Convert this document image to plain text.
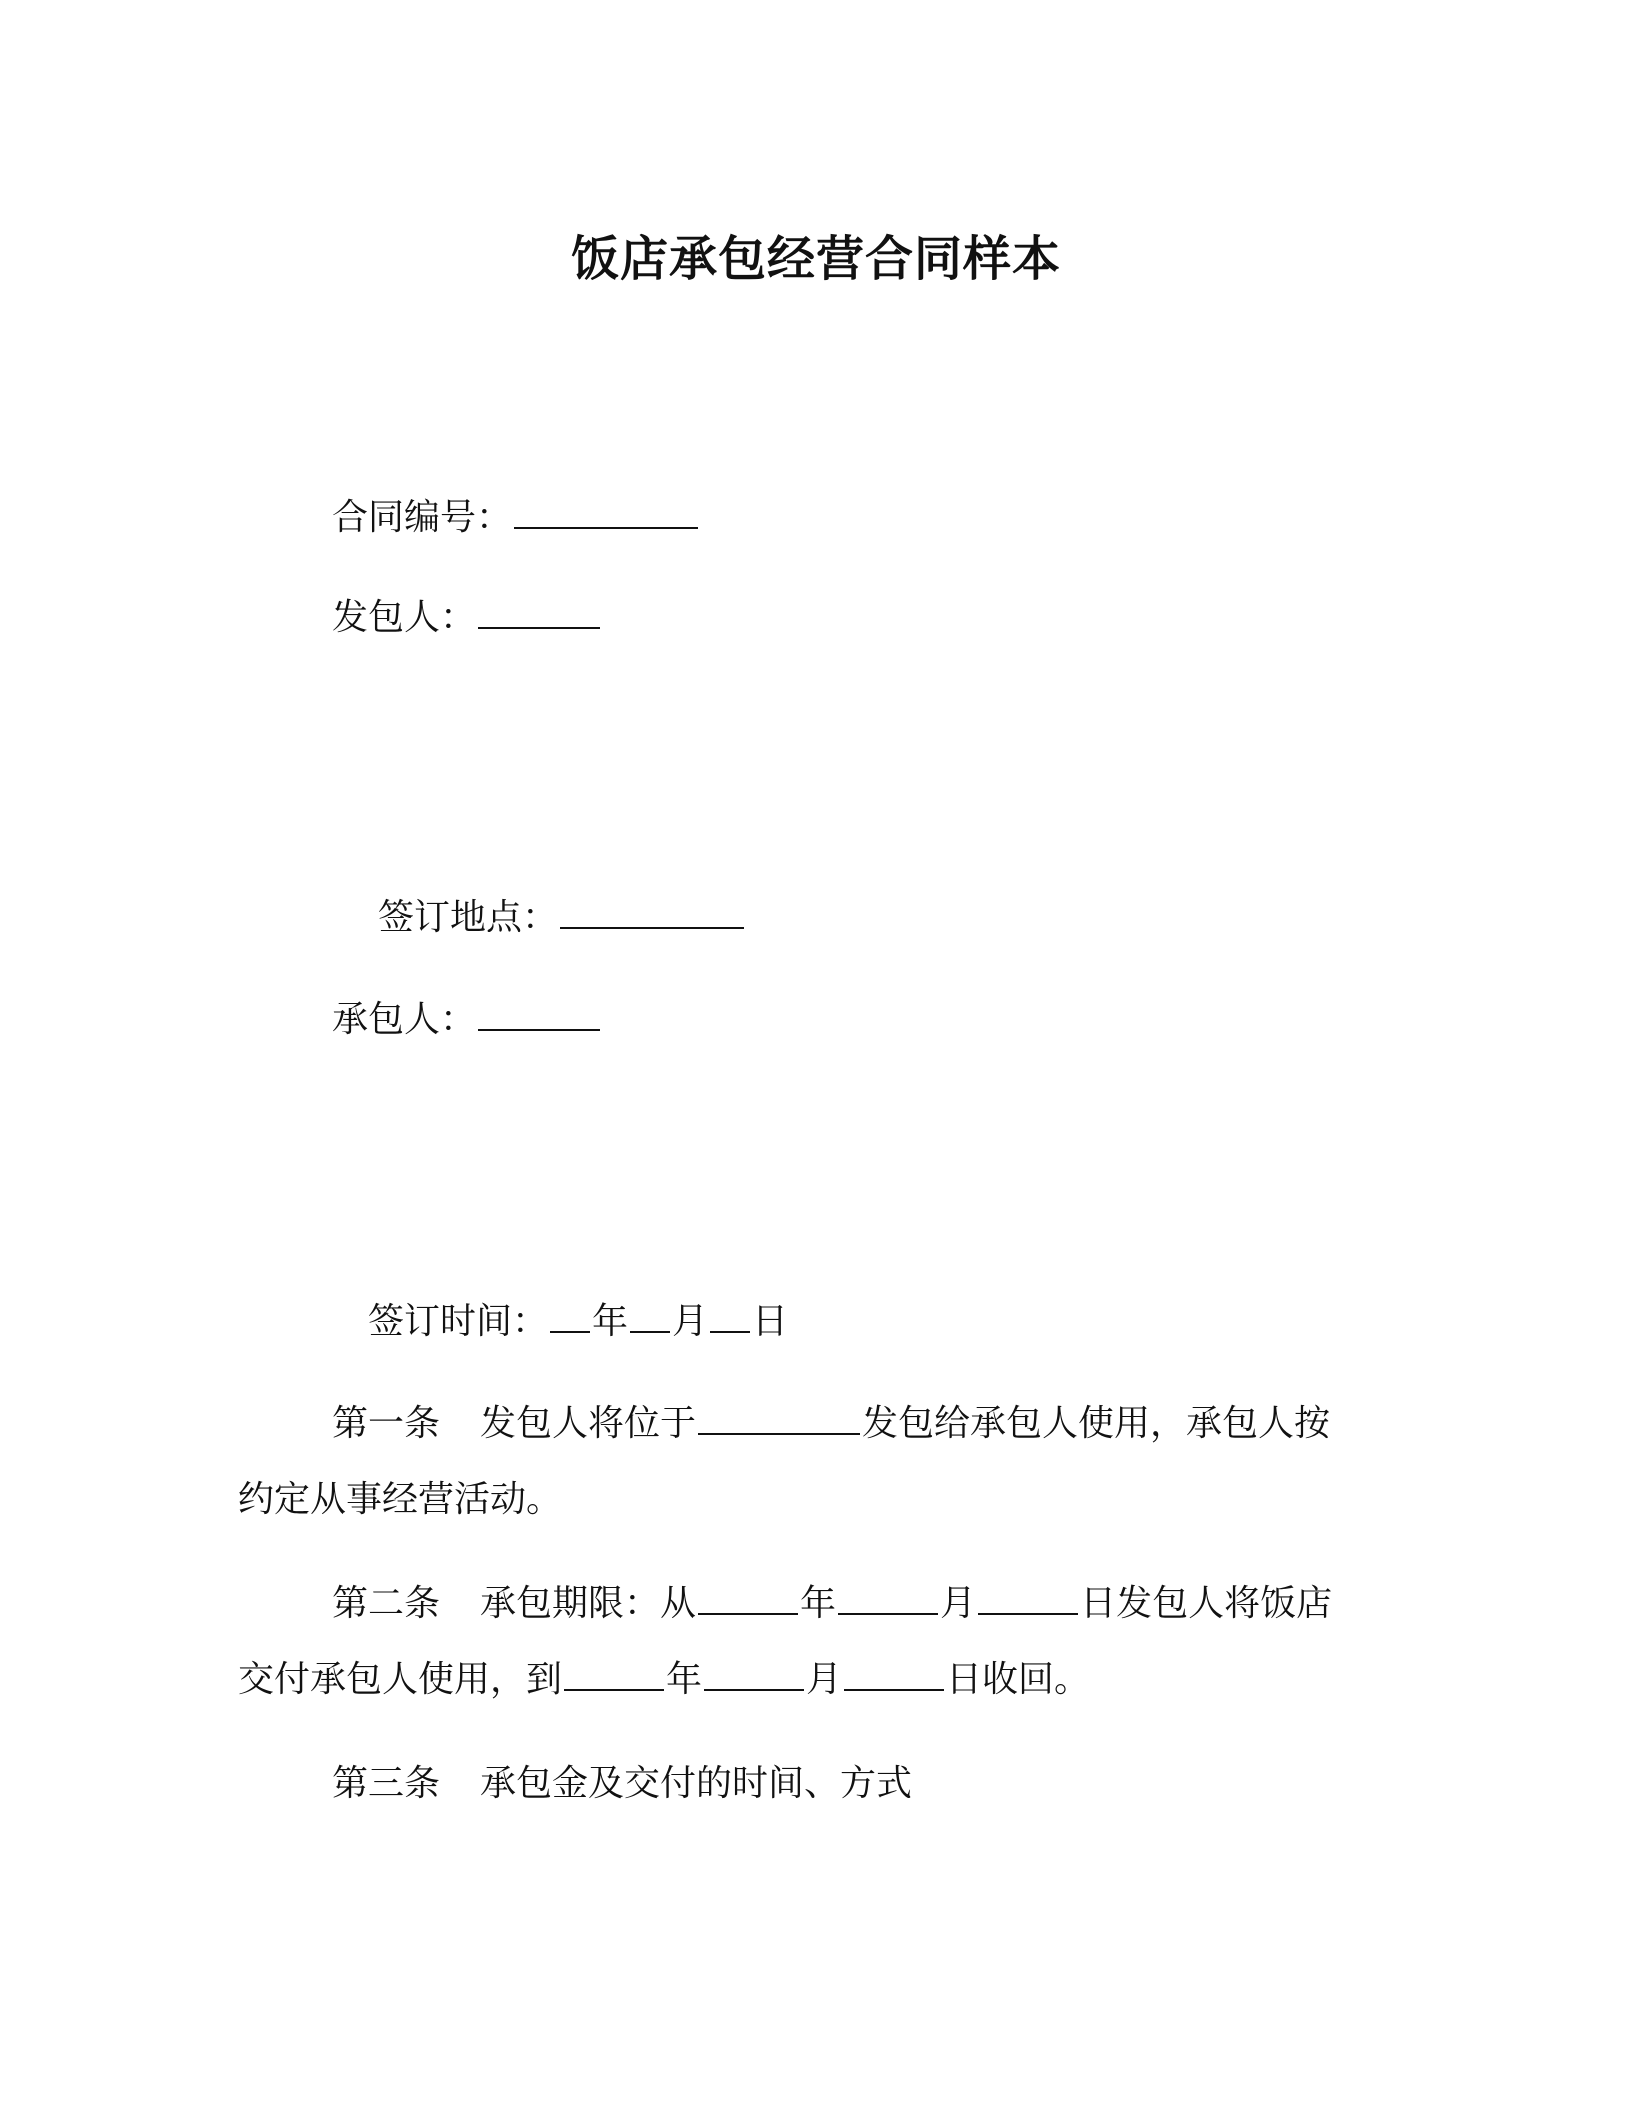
饭店承包经营合同样本
合同编号：
发包人：
签订地点：
承包人：
签订时间： 年 月 日
第一条 发包人将位于	发包给承包人使用，承包人按
约定从事经营活动。
第二条 承包期限：从	年	月	日发包人将饭店
交付承包人使用，到	年	月	日收回。
第三条 承包金及交付的时间、方式
